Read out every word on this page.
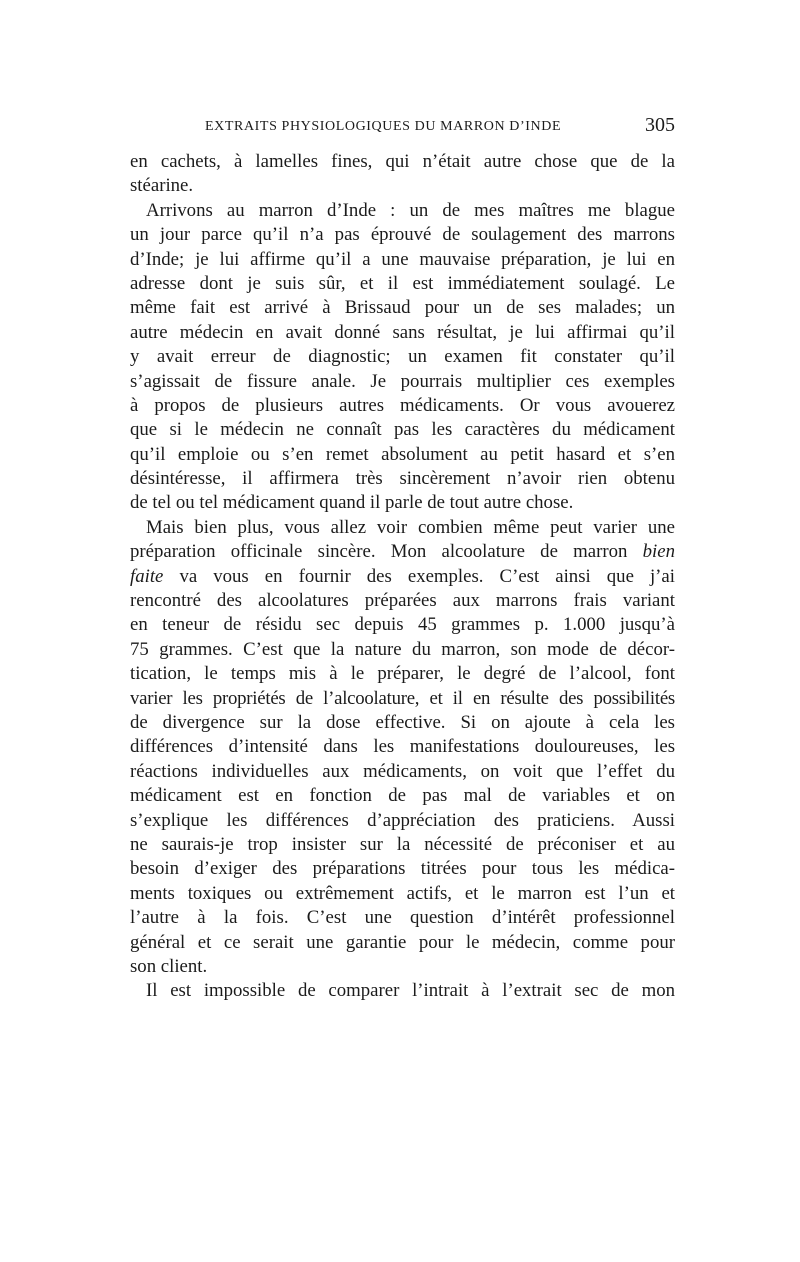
EXTRAITS PHYSIOLOGIQUES DU MARRON D’INDE	305
en cachets, à lamelles fines, qui n’était autre chose que de la
stéarine.
Arrivons au marron d’Inde : un de mes maîtres me blague
un jour parce qu’il n’a pas éprouvé de soulagement des marrons
d’Inde; je lui affirme qu’il a une mauvaise préparation, je lui en
adresse dont je suis sûr, et il est immédiatement soulagé. Le
même fait est arrivé à Brissaud pour un de ses malades; un
autre médecin en avait donné sans résultat, je lui affirmai qu’il
y avait erreur de diagnostic; un examen fit constater qu’il
s’agissait de fissure anale. Je pourrais multiplier ces exemples
à propos de plusieurs autres médicaments. Or vous avouerez
que si le médecin ne connaît pas les caractères du médicament
qu’il emploie ou s’en remet absolument au petit hasard et s’en
désintéresse, il affirmera très sincèrement n’avoir rien obtenu
de tel ou tel médicament quand il parle de tout autre chose.
Mais bien plus, vous allez voir combien même peut varier une
préparation officinale sincère. Mon alcoolature de marron bien
faite va vous en fournir des exemples. C’est ainsi que j’ai
rencontré des alcoolatures préparées aux marrons frais variant
en teneur de résidu sec depuis 45 grammes p. 1.000 jusqu’à
75 grammes. C’est que la nature du marron, son mode de décor-
tication, le temps mis à le préparer, le degré de l’alcool, font
varier les propriétés de l’alcoolature, et il en résulte des possibilités
de divergence sur la dose effective. Si on ajoute à cela les
différences d’intensité dans les manifestations douloureuses, les
réactions individuelles aux médicaments, on voit que l’effet du
médicament est en fonction de pas mal de variables et on
s’explique les différences d’appréciation des praticiens. Aussi
ne saurais-je trop insister sur la nécessité de préconiser et au
besoin d’exiger des préparations titrées pour tous les médica-
ments toxiques ou extrêmement actifs, et le marron est l’un et
l’autre à la fois. C’est une question d’intérêt professionnel
général et ce serait une garantie pour le médecin, comme pour
son client.
Il est impossible de comparer l’intrait à l’extrait sec de mon
